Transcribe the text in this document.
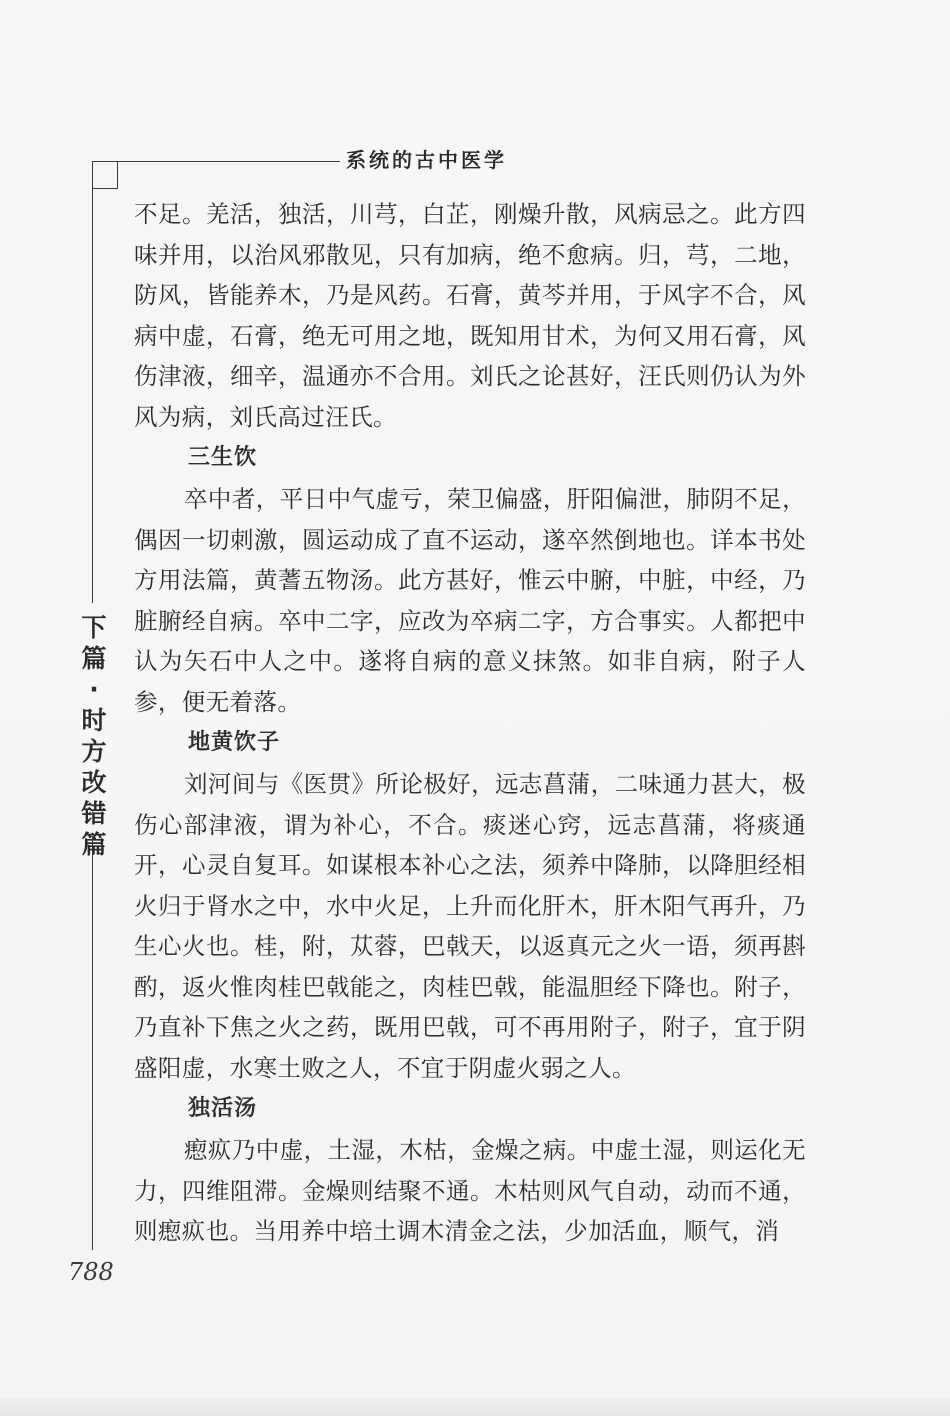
系统的古中医学
下
篇
·
时
方
改
错
篇

不足。羌活，独活，川芎，白芷，刚燥升散，风病忌之。此方四味并用，以治风邪散见，只有加病，绝不愈病。归，芎，二地，防风，皆能养木，乃是风药。石膏，黄芩并用，于风字不合，风病中虚，石膏，绝无可用之地，既知用甘术，为何又用石膏，风伤津液，细辛，温通亦不合用。刘氏之论甚好，汪氏则仍认为外风为病，刘氏高过汪氏。

三生饮

卒中者，平日中气虚亏，荣卫偏盛，肝阳偏泄，肺阴不足，偶因一切刺激，圆运动成了直不运动，遂卒然倒地也。详本书处方用法篇，黄蓍五物汤。此方甚好，惟云中腑，中脏，中经，乃脏腑经自病。卒中二字，应改为卒病二字，方合事实。人都把中认为矢石中人之中。遂将自病的意义抹煞。如非自病，附子人参，便无着落。

地黄饮子

刘河间与《医贯》所论极好，远志菖蒲，二味通力甚大，极伤心部津液，谓为补心，不合。痰迷心窍，远志菖蒲，将痰通开，心灵自复耳。如谋根本补心之法，须养中降肺，以降胆经相火归于肾水之中，水中火足，上升而化肝木，肝木阳气再升，乃生心火也。桂，附，苁蓉，巴戟天，以返真元之火一语，须再斟酌，返火惟肉桂巴戟能之，肉桂巴戟，能温胆经下降也。附子，乃直补下焦之火之药，既用巴戟，可不再用附子，附子，宜于阴盛阳虚，水寒土败之人，不宜于阴虚火弱之人。

独活汤

瘛疭乃中虚，土湿，木枯，金燥之病。中虚土湿，则运化无力，四维阻滞。金燥则结聚不通。木枯则风气自动，动而不通，则瘛疭也。当用养中培土调木清金之法，少加活血，顺气，消

788
